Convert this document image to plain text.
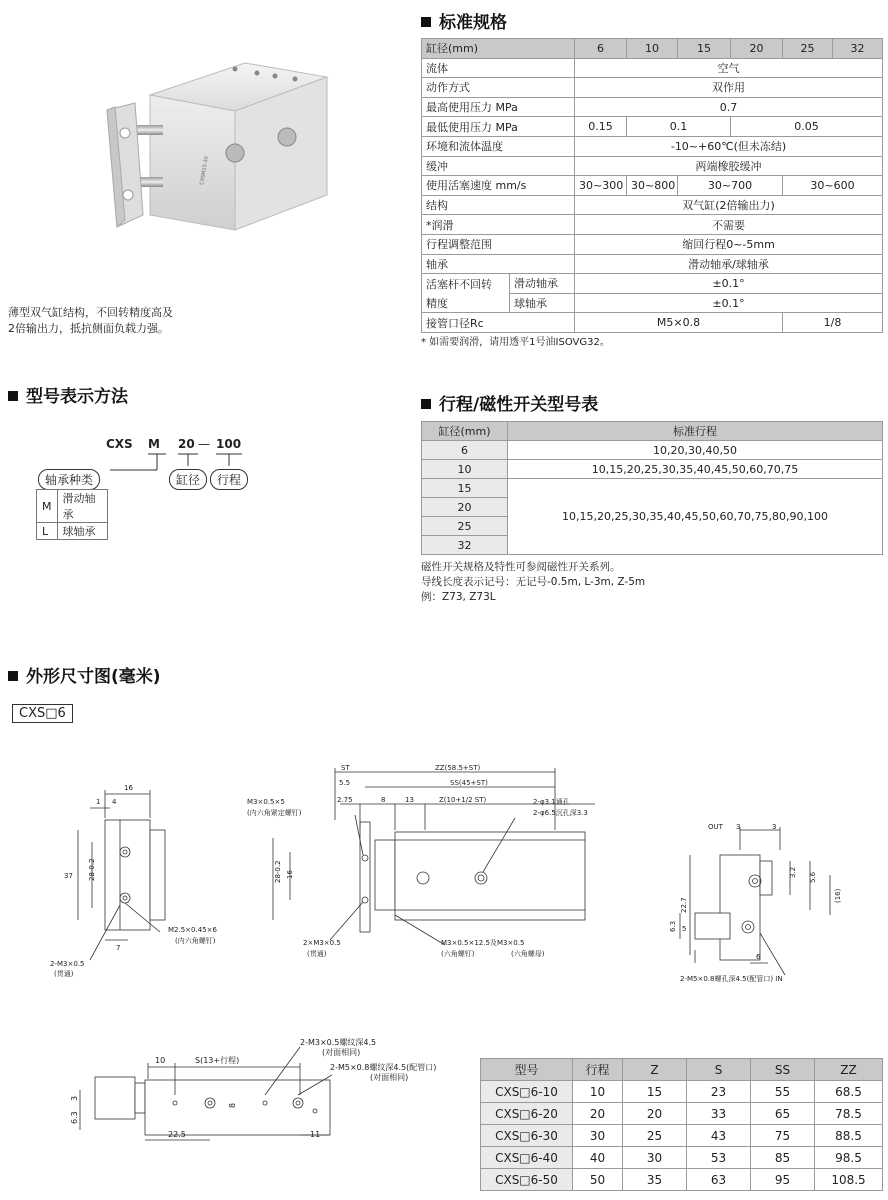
CXSM15-30
薄型双气缸结构，不回转精度高及
2倍输出力，抵抗侧面负载力强。
标准规格
缸径(mm)		6	10	15	20	25	32
流体		空气					
动作方式		双作用					
最高使用压力 MPa		0.7					
最低使用压力 MPa		0.15	0.1		0.05		
环境和流体温度		-10~+60℃(但未冻结)					
缓冲		两端橡胶缓冲					
使用活塞速度 mm/s		30~300	30~800	30~700		30~600	
结构		双气缸(2倍输出力)					
*润滑		不需要					
行程调整范围		缩回行程0~-5mm					
轴承		滑动轴承/球轴承					
活塞杆不回转	滑动轴承	±0.1°					
精度	球轴承	±0.1°					
接管口径Rc		M5×0.8				1/8	
* 如需要润滑，请用透平1号油ISOVG32。
型号表示方法
CXS M 20 — 100
轴承种类	缸径	行程
M	滑动轴承
L	球轴承
行程/磁性开关型号表
缸径(mm)	标准行程
6	10,20,30,40,50
10	10,15,20,25,30,35,40,45,50,60,70,75
15	10,15,20,25,30,35,40,45,50,60,70,75,80,90,100
20	
25	
32	
磁性开关规格及特性可参阅磁性开关系列。
导线长度表示记号：无记号-0.5m, L-3m, Z-5m
例：Z73, Z73L
外形尺寸图(毫米)
CXS□6
16
1 4
37 28-0.2
7
M2.5×0.45×6
(内六角螺钉)
2-M3×0.5
(贯通)
ST	ZZ(58.5+ST)
5.5	SS(45+ST)
2.75	8	13	Z(10+1/2 ST)
M3×0.5×5
(内六角紧定螺钉)
2-φ3.1通孔
2-φ6.5沉孔深3.3
28-0.2 16
2×M3×0.5
(贯通)
M3×0.5×12.5及M3×0.5
(六角螺钉)	(六角螺母)
OUT 3	3
3.2 5.6
(16)
22.7
6.3 5
6
2-M5×0.8螺孔深4.5(配管口) IN
10	S(13+行程)
2-M3×0.5螺纹深4.5
(对面相同)
2-M5×0.8螺纹深4.5(配管口)
(对面相同)
3
6.3
8
22.5	11
型号	行程	Z	S	SS	ZZ
CXS□6-10	10	15	23	55	68.5
CXS□6-20	20	20	33	65	78.5
CXS□6-30	30	25	43	75	88.5
CXS□6-40	40	30	53	85	98.5
CXS□6-50	50	35	63	95	108.5
